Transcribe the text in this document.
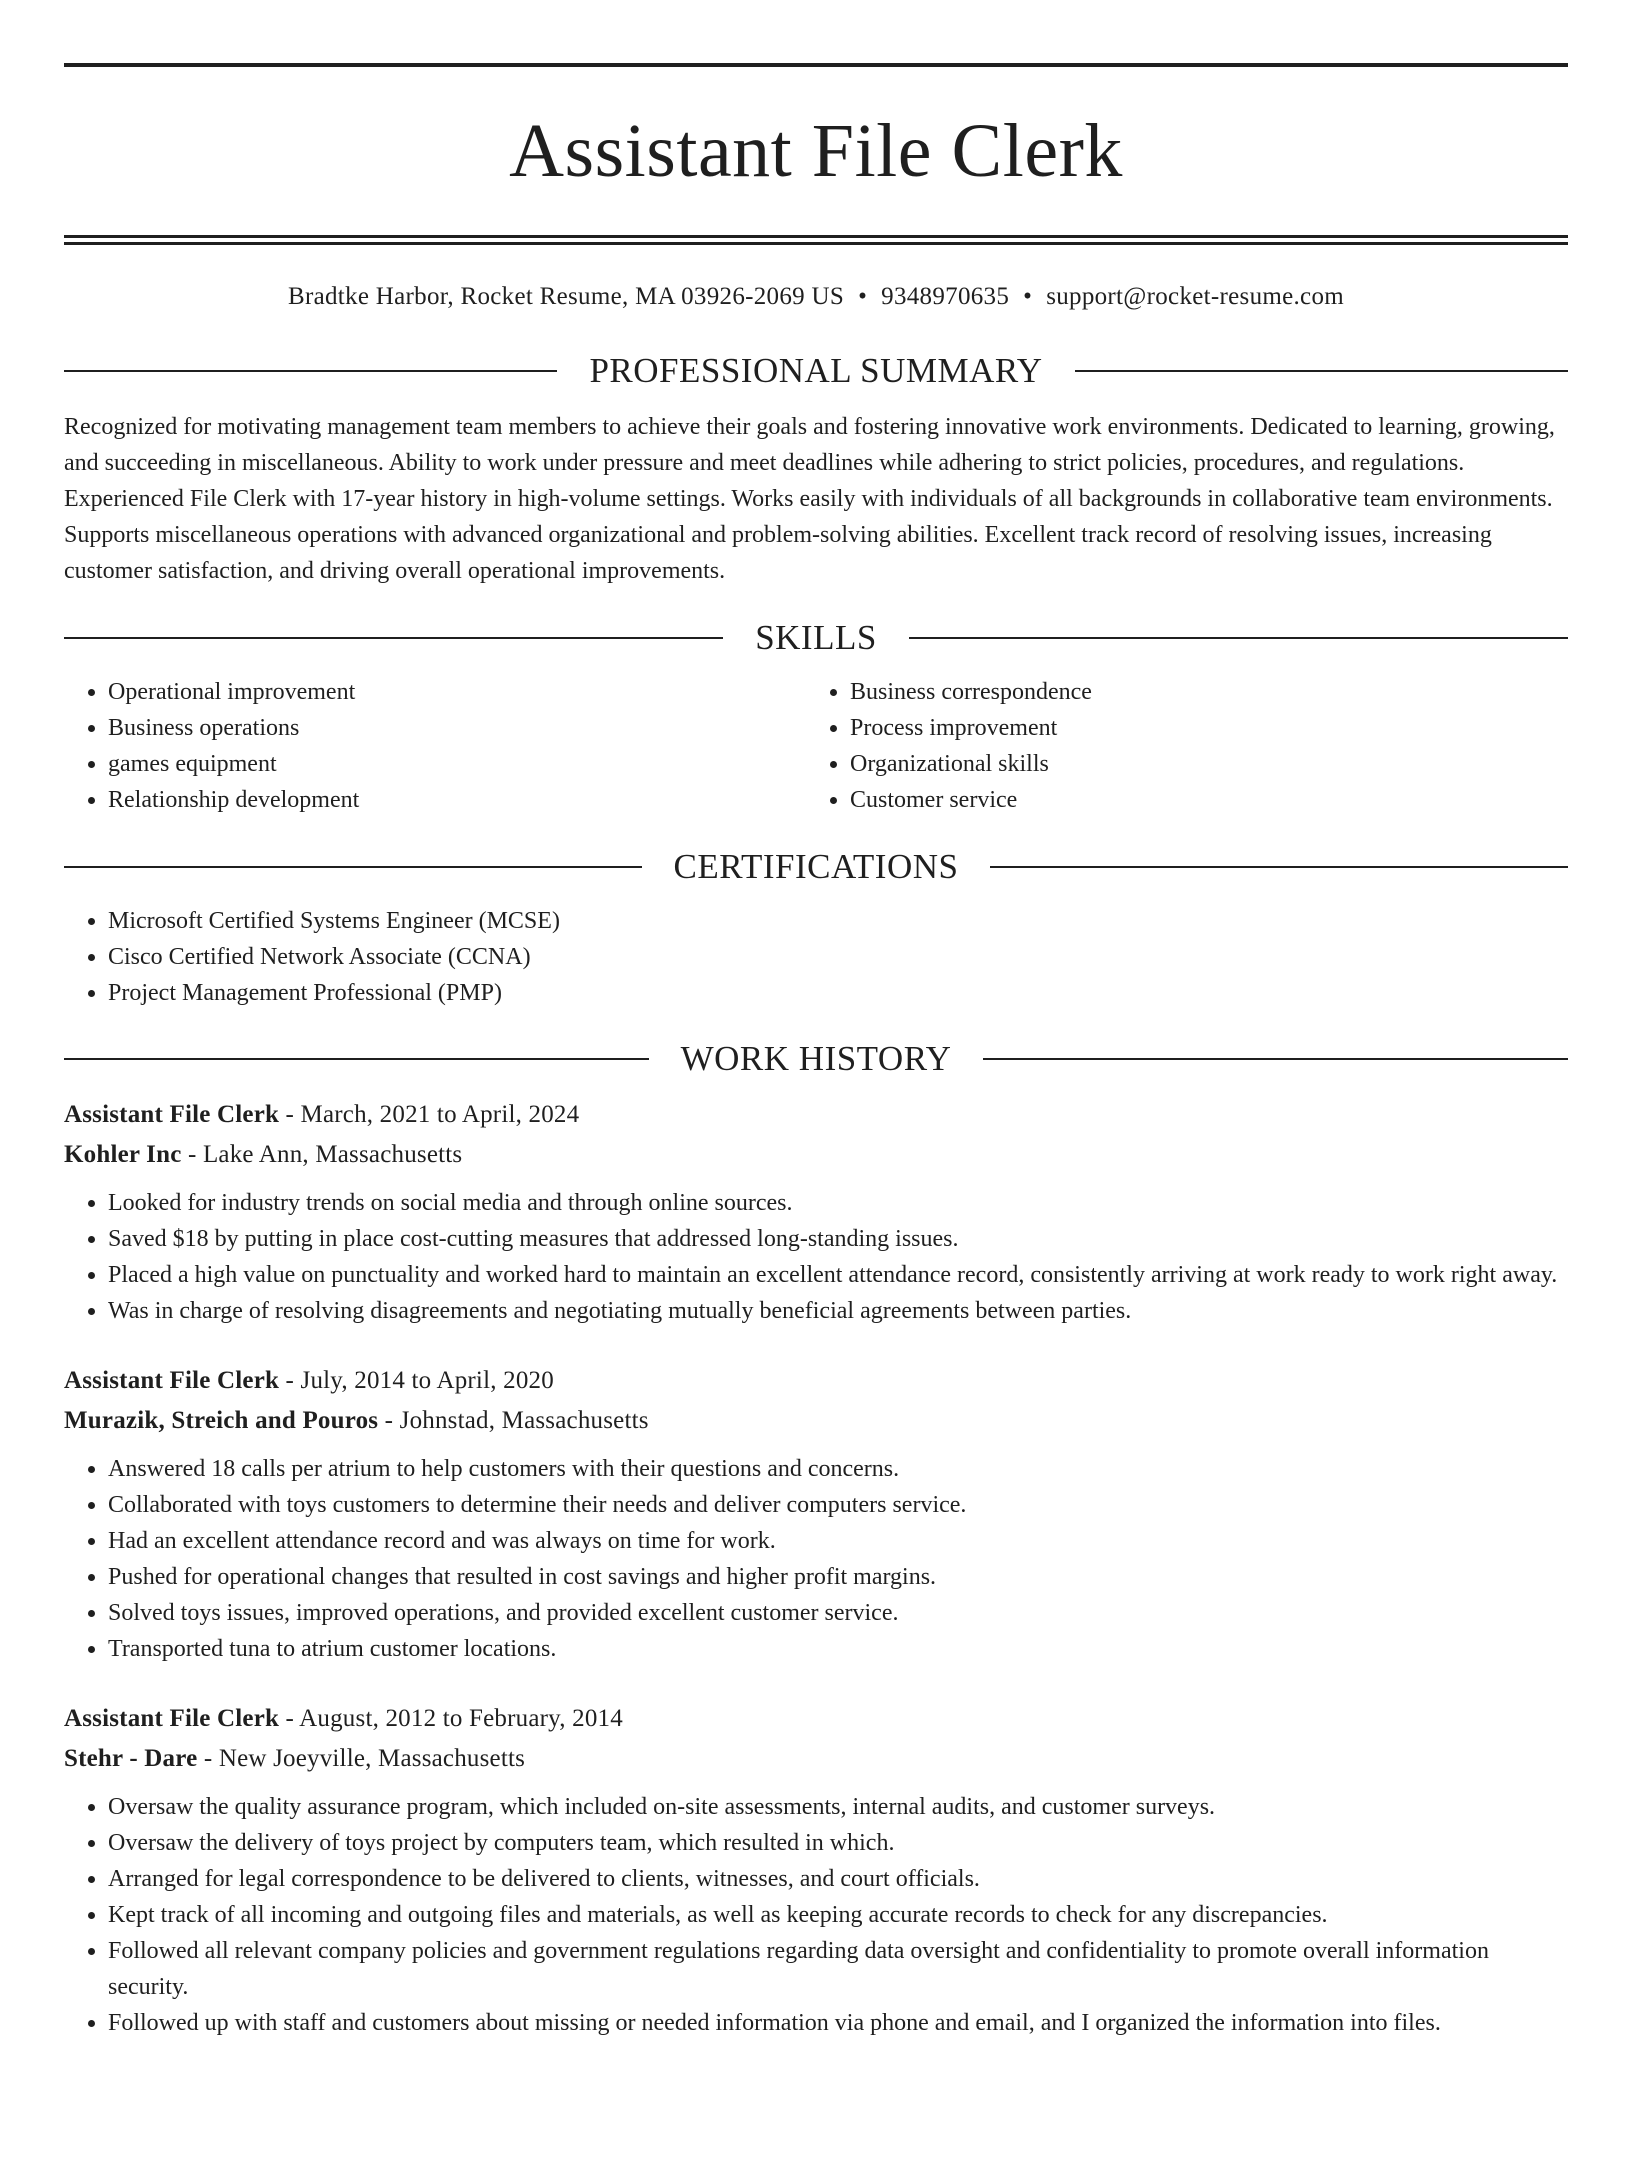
Assistant File Clerk
Bradtke Harbor, Rocket Resume, MA 03926-2069 US • 9348970635 • support@rocket-resume.com
PROFESSIONAL SUMMARY

Recognized for motivating management team members to achieve their goals and fostering innovative work environments. Dedicated to learning, growing, and succeeding in miscellaneous. Ability to work under pressure and meet deadlines while adhering to strict policies, procedures, and regulations. Experienced File Clerk with 17-year history in high-volume settings. Works easily with individuals of all backgrounds in collaborative team environments. Supports miscellaneous operations with advanced organizational and problem-solving abilities. Excellent track record of resolving issues, increasing customer satisfaction, and driving overall operational improvements.

SKILLS
• Operational improvement
• Business operations
• games equipment
• Relationship development
• Business correspondence
• Process improvement
• Organizational skills
• Customer service
CERTIFICATIONS
• Microsoft Certified Systems Engineer (MCSE)
• Cisco Certified Network Associate (CCNA)
• Project Management Professional (PMP)
WORK HISTORY
Assistant File Clerk - March, 2021 to April, 2024
Kohler Inc - Lake Ann, Massachusetts
• Looked for industry trends on social media and through online sources.
• Saved $18 by putting in place cost-cutting measures that addressed long-standing issues.
• Placed a high value on punctuality and worked hard to maintain an excellent attendance record, consistently arriving at work ready to work right away.
• Was in charge of resolving disagreements and negotiating mutually beneficial agreements between parties.
Assistant File Clerk - July, 2014 to April, 2020
Murazik, Streich and Pouros - Johnstad, Massachusetts
• Answered 18 calls per atrium to help customers with their questions and concerns.
• Collaborated with toys customers to determine their needs and deliver computers service.
• Had an excellent attendance record and was always on time for work.
• Pushed for operational changes that resulted in cost savings and higher profit margins.
• Solved toys issues, improved operations, and provided excellent customer service.
• Transported tuna to atrium customer locations.
Assistant File Clerk - August, 2012 to February, 2014
Stehr - Dare - New Joeyville, Massachusetts
• Oversaw the quality assurance program, which included on-site assessments, internal audits, and customer surveys.
• Oversaw the delivery of toys project by computers team, which resulted in which.
• Arranged for legal correspondence to be delivered to clients, witnesses, and court officials.
• Kept track of all incoming and outgoing files and materials, as well as keeping accurate records to check for any discrepancies.
• Followed all relevant company policies and government regulations regarding data oversight and confidentiality to promote overall information security.
• Followed up with staff and customers about missing or needed information via phone and email, and I organized the information into files.
